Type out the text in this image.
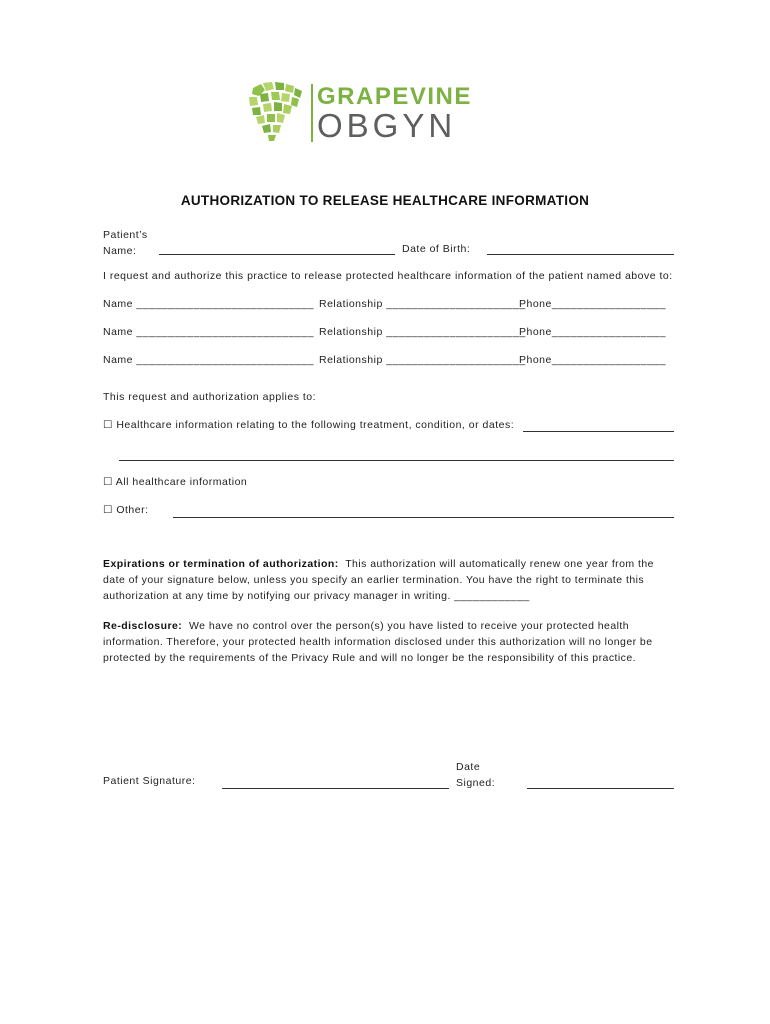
GRAPEVINE
OBGYN
AUTHORIZATION TO RELEASE HEALTHCARE INFORMATION
Patient’s
Name:	Date of Birth:
I request and authorize this practice to release protected healthcare information of the patient named above to:
Name ____________________________ Relationship ______________________
Phone__________________
Name ____________________________ Relationship ______________________
Phone__________________
Name ____________________________ Relationship ______________________
Phone__________________
This request and authorization applies to:
☐ Healthcare information relating to the following treatment, condition, or dates:
☐ All healthcare information
☐ Other:
Expirations or termination of authorization: This authorization will automatically renew one year from the
date of your signature below, unless you specify an earlier termination. You have the right to terminate this
authorization at any time by notifying our privacy manager in writing. ____________
Re-disclosure: We have no control over the person(s) you have listed to receive your protected health
information. Therefore, your protected health information disclosed under this authorization will no longer be
protected by the requirements of the Privacy Rule and will no longer be the responsibility of this practice.
Patient Signature:
Date
Signed:
